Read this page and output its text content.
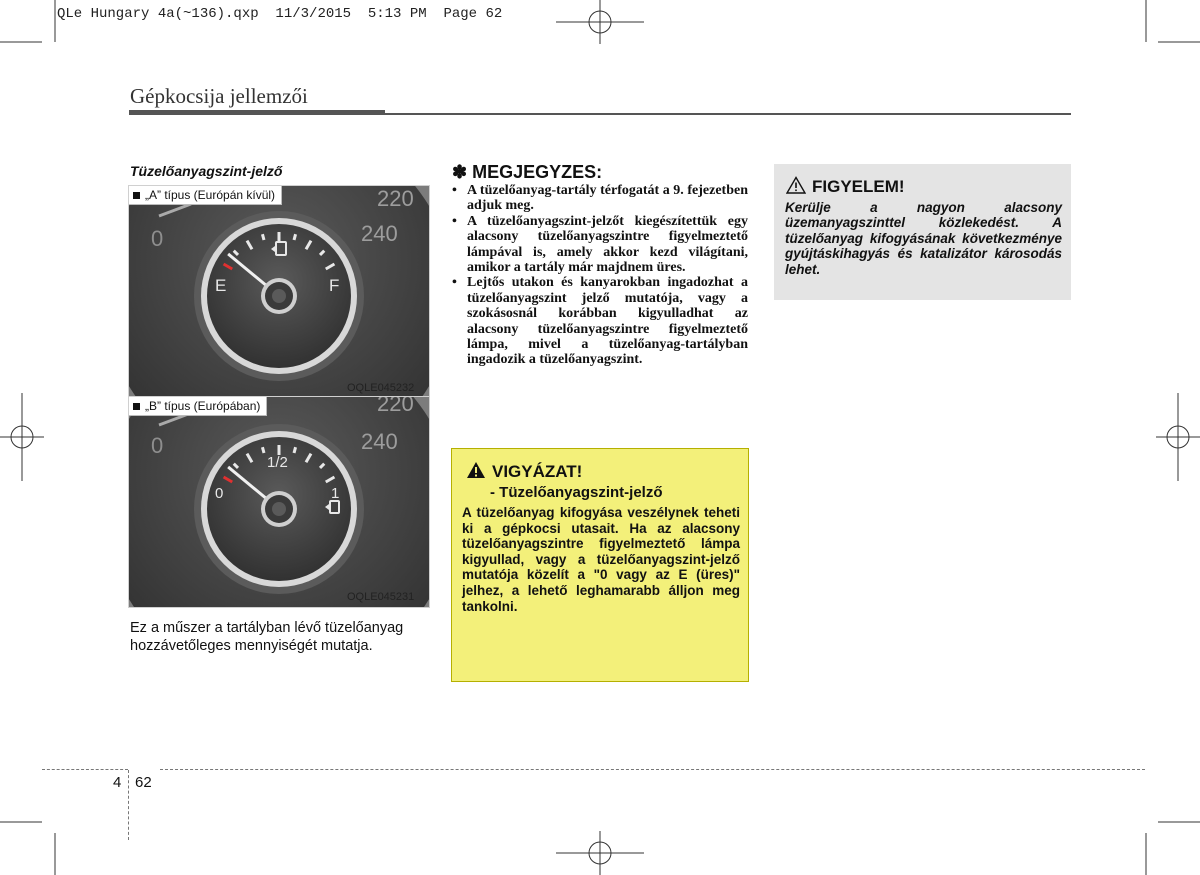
QLe Hungary 4a(~136).qxp  11/3/2015  5:13 PM  Page 62
Gépkocsija jellemzői
Tüzelőanyagszint-jelző
„A” típus (Európán kívül)	220
240
0
E	F
OQLE045232
„B” típus (Európában)	220
240
0
1/2
0	1
OQLE045231
Ez a műszer a tartályban lévő tüzelőanyag hozzávetőleges mennyiségét mutatja.
✽ MEGJEGYZES:
• A tüzelőanyag-tartály térfogatát a 9. fejezetben adjuk meg.
• A tüzelőanyagszint-jelzőt kiegészítettük egy alacsony tüzelőanyagszintre figyelmeztető lámpával is, amely akkor kezd világítani, amikor a tartály már majdnem üres.
• Lejtős utakon és kanyarokban ingadozhat a tüzelőanyagszint jelző mutatója, vagy a szokásosnál korábban kigyulladhat az alacsony tüzelőanyagszintre figyelmeztető lámpa, mivel a tüzelőanyag-tartályban ingadozik a tüzelőanyagszint.
VIGYÁZAT!
- Tüzelőanyagszint-jelző
A tüzelőanyag kifogyása veszélynek teheti ki a gépkocsi utasait. Ha az alacsony tüzelőanyagszintre figyelmeztető lámpa kigyullad, vagy a tüzelőanyagszint-jelző mutatója közelít a "0 vagy az E (üres)" jelhez, a lehető leghamarabb álljon meg tankolni.
FIGYELEM!
Kerülje a nagyon alacsony üzemanyagszinttel közlekedést. A tüzelőanyag kifogyásának következménye gyújtáskihagyás és katalizátor károsodás lehet.
4 62
